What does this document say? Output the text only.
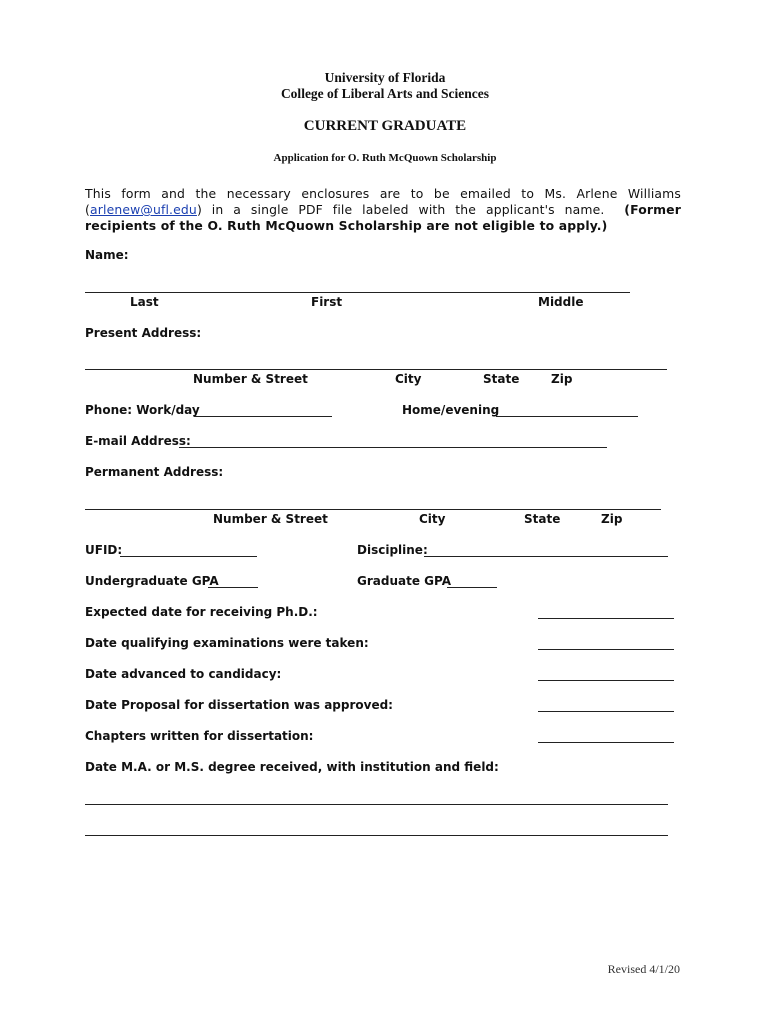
University of Florida
College of Liberal Arts and Sciences
CURRENT GRADUATE
Application for O. Ruth McQuown Scholarship
This form and the necessary enclosures are to be emailed to Ms. Arlene Williams (arlenew@ufl.edu) in a single PDF file labeled with the applicant's name. (Former recipients of the O. Ruth McQuown Scholarship are not eligible to apply.)
Name:
Last	First	Middle
Present Address:
Number & Street	City	State	Zip
Phone: Work/day	Home/evening
E-mail Address:
Permanent Address:
Number & Street	City	State	Zip
UFID:	Discipline:
Undergraduate GPA	Graduate GPA
Expected date for receiving Ph.D.:
Date qualifying examinations were taken:
Date advanced to candidacy:
Date Proposal for dissertation was approved:
Chapters written for dissertation:
Date M.A. or M.S. degree received, with institution and field:
Revised 4/1/20
